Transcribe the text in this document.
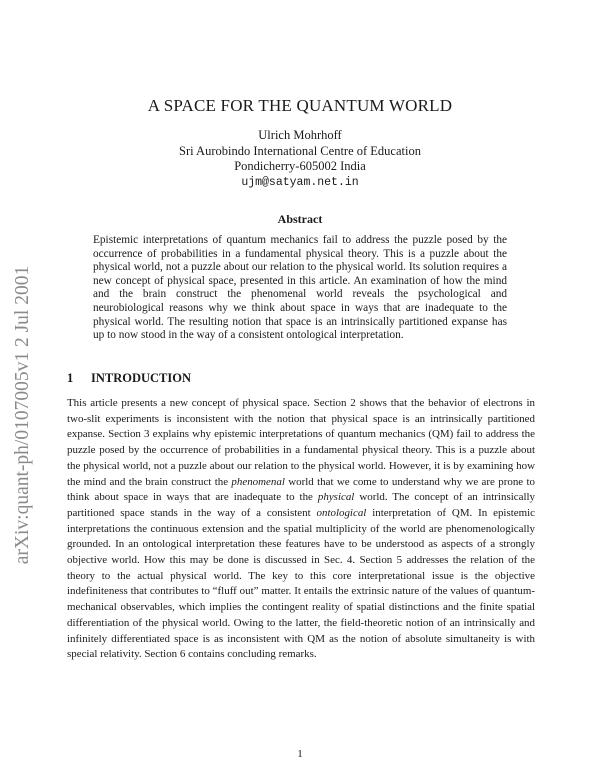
arXiv:quant-ph/0107005v1 2 Jul 2001
A SPACE FOR THE QUANTUM WORLD
Ulrich Mohrhoff
Sri Aurobindo International Centre of Education
Pondicherry-605002 India
ujm@satyam.net.in
Abstract

Epistemic interpretations of quantum mechanics fail to address the puzzle posed by the occurrence of probabilities in a fundamental physical theory. This is a puzzle about the physical world, not a puzzle about our relation to the physical world. Its solution requires a new concept of physical space, presented in this article. An examination of how the mind and the brain construct the phenomenal world reveals the psychological and neurobiological reasons why we think about space in ways that are inadequate to the physical world. The resulting notion that space is an intrinsically partitioned expanse has up to now stood in the way of a consistent ontological interpretation.

1 INTRODUCTION

This article presents a new concept of physical space. Section 2 shows that the behavior of electrons in two-slit experiments is inconsistent with the notion that physical space is an intrinsically partitioned expanse. Section 3 explains why epistemic interpretations of quantum mechanics (QM) fail to address the puzzle posed by the occurrence of probabilities in a fundamental physical theory. This is a puzzle about the physical world, not a puzzle about our relation to the physical world. However, it is by examining how the mind and the brain construct the phenomenal world that we come to understand why we are prone to think about space in ways that are inadequate to the physical world. The concept of an intrinsically partitioned space stands in the way of a consistent ontological interpretation of QM. In epistemic interpretations the continuous extension and the spatial multiplicity of the world are phenomenologically grounded. In an ontological interpretation these features have to be understood as aspects of a strongly objective world. How this may be done is discussed in Sec. 4. Section 5 addresses the relation of the theory to the actual physical world. The key to this core interpretational issue is the objective indefiniteness that contributes to “fluff out” matter. It entails the extrinsic nature of the values of quantum-mechanical observables, which implies the contingent reality of spatial distinctions and the finite spatial differentiation of the physical world. Owing to the latter, the field-theoretic notion of an intrinsically and infinitely differentiated space is as inconsistent with QM as the notion of absolute simultaneity is with special relativity. Section 6 contains concluding remarks.

1
